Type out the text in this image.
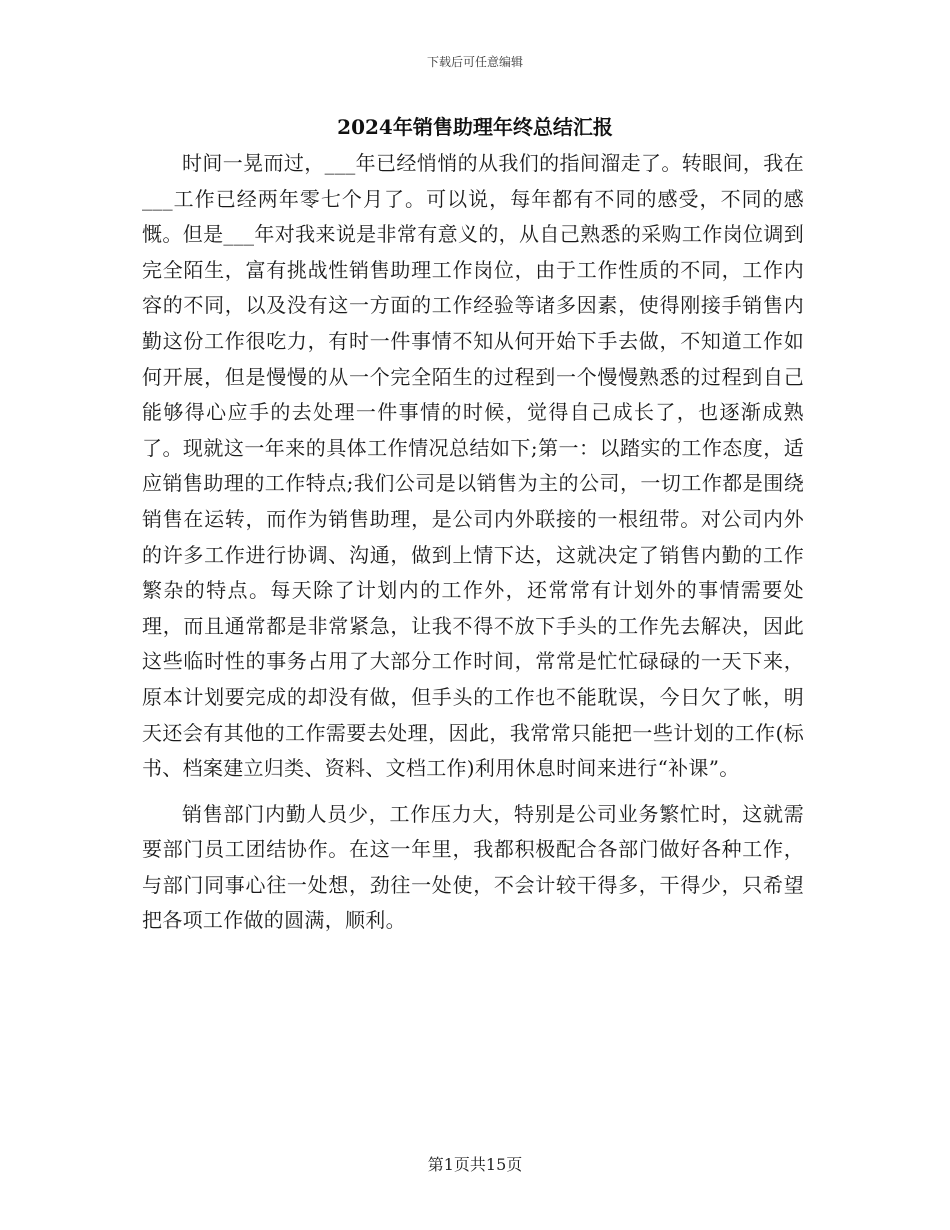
下载后可任意编辑
2024年销售助理年终总结汇报

时间一晃而过，___年已经悄悄的从我们的指间溜走了。转眼间，我在___工作已经两年零七个月了。可以说，每年都有不同的感受，不同的感慨。但是___年对我来说是非常有意义的，从自己熟悉的采购工作岗位调到完全陌生，富有挑战性销售助理工作岗位，由于工作性质的不同，工作内容的不同，以及没有这一方面的工作经验等诸多因素，使得刚接手销售内勤这份工作很吃力，有时一件事情不知从何开始下手去做，不知道工作如何开展，但是慢慢的从一个完全陌生的过程到一个慢慢熟悉的过程到自己能够得心应手的去处理一件事情的时候，觉得自己成长了，也逐渐成熟了。现就这一年来的具体工作情况总结如下;第一：以踏实的工作态度，适应销售助理的工作特点;我们公司是以销售为主的公司，一切工作都是围绕销售在运转，而作为销售助理，是公司内外联接的一根纽带。对公司内外的许多工作进行协调、沟通，做到上情下达，这就决定了销售内勤的工作繁杂的特点。每天除了计划内的工作外，还常常有计划外的事情需要处理，而且通常都是非常紧急，让我不得不放下手头的工作先去解决，因此这些临时性的事务占用了大部分工作时间，常常是忙忙碌碌的一天下来，原本计划要完成的却没有做，但手头的工作也不能耽误，今日欠了帐，明天还会有其他的工作需要去处理，因此，我常常只能把一些计划的工作(标书、档案建立归类、资料、文档工作)利用休息时间来进行“补课”。

销售部门内勤人员少，工作压力大，特别是公司业务繁忙时，这就需要部门员工团结协作。在这一年里，我都积极配合各部门做好各种工作，与部门同事心往一处想，劲往一处使，不会计较干得多，干得少，只希望把各项工作做的圆满，顺利。

第1页共15页
